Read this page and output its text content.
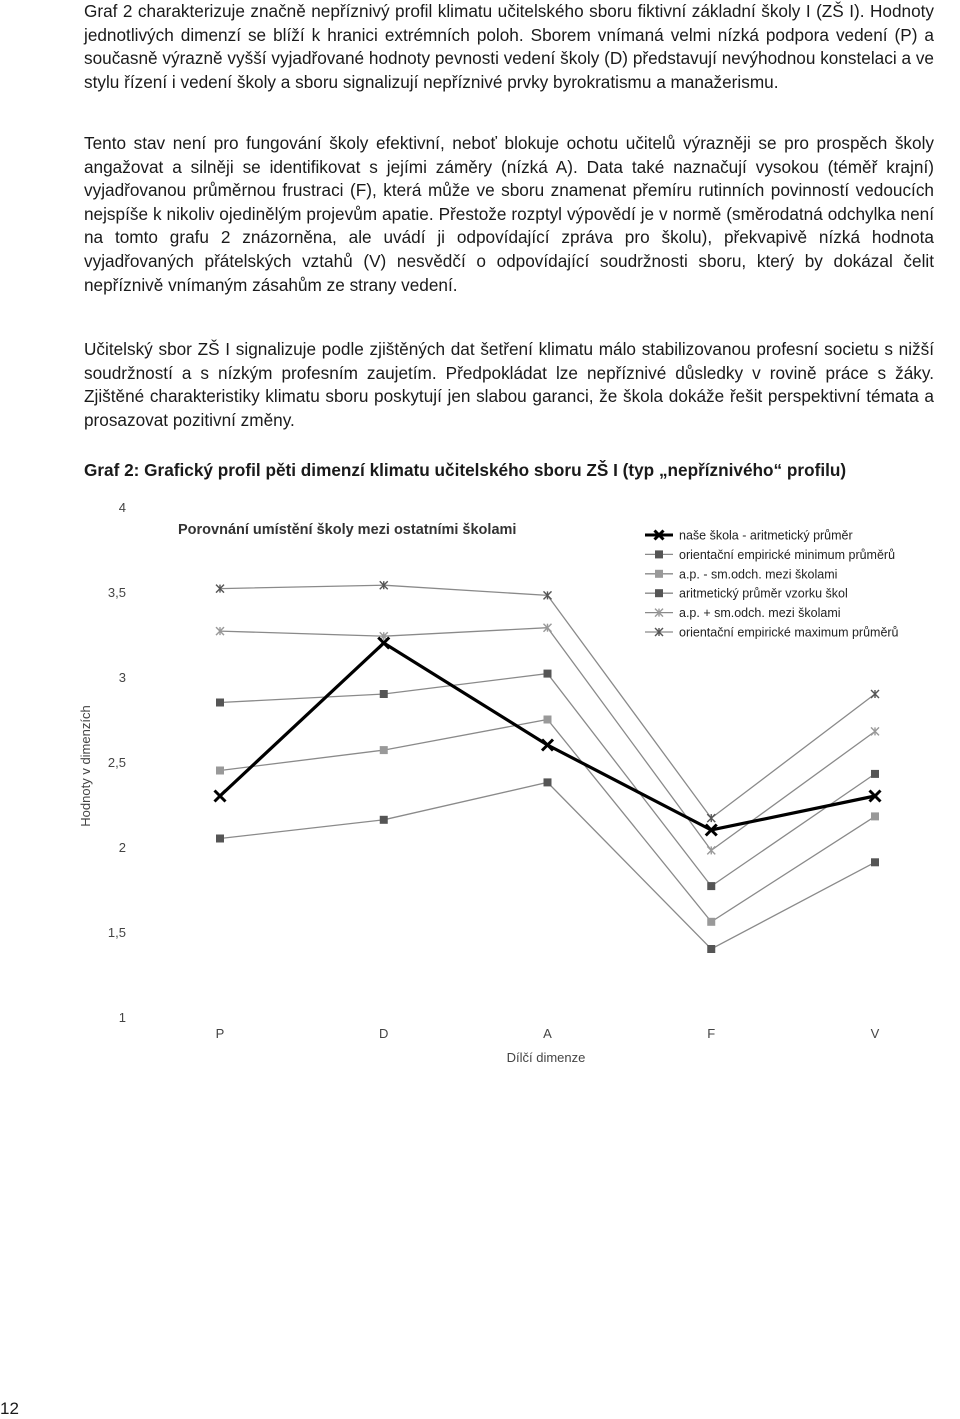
Graf 2 charakterizuje značně nepříznivý profil klimatu učitelského sboru fiktivní základní školy I (ZŠ I). Hodnoty jednotlivých dimenzí se blíží k hranici extrémních poloh. Sborem vnímaná velmi nízká podpora vedení (P) a současně výrazně vyšší vyjadřované hodnoty pevnosti vedení školy (D) představují nevýhodnou konstelaci a ve stylu řízení i vedení školy a sboru signalizují nepříznivé prvky byrokratismu a manažerismu.

Tento stav není pro fungování školy efektivní, neboť blokuje ochotu učitelů výrazněji se pro prospěch školy angažovat a silněji se identifikovat s jejími záměry (nízká A). Data také naznačují vysokou (téměř krajní) vyjadřovanou průměrnou frustraci (F), která může ve sboru znamenat přemíru rutinních povinností vedoucích nejspíše k nikoliv ojedinělým projevům apatie. Přestože rozptyl výpovědí je v normě (směrodatná odchylka není na tomto grafu 2 znázorněna, ale uvádí ji odpovídající zpráva pro školu), překvapivě nízká hodnota vyjadřovaných přátelských vztahů (V) nesvědčí o odpovídající soudržnosti sboru, který by dokázal čelit nepříznivě vnímaným zásahům ze strany vedení.

Učitelský sbor ZŠ I signalizuje podle zjištěných dat šetření klimatu málo stabilizovanou profesní societu s nižší soudržností a s nízkým profesním zaujetím. Předpokládat lze nepříznivé důsledky v rovině práce s žáky. Zjištěné charakteristiky klimatu sboru poskytují jen slabou garanci, že škola dokáže řešit perspektivní témata a prosazovat pozitivní změny.

Graf 2: Grafický profil pěti dimenzí klimatu učitelského sboru ZŠ I (typ „nepříznivého“ profilu)

1
1,5
2
2,5
3
3,5
4
P	D	A	F	V
naše škola - aritmetický průměr
orientační empirické minimum průměrů
a.p. - sm.odch. mezi školami
aritmetický průměr vzorku škol
a.p. + sm.odch. mezi školami
orientační empirické maximum průměrů
Porovnání umístění školy mezi ostatními školami
Dílčí dimenze
Hodnoty v dimenzích
12
